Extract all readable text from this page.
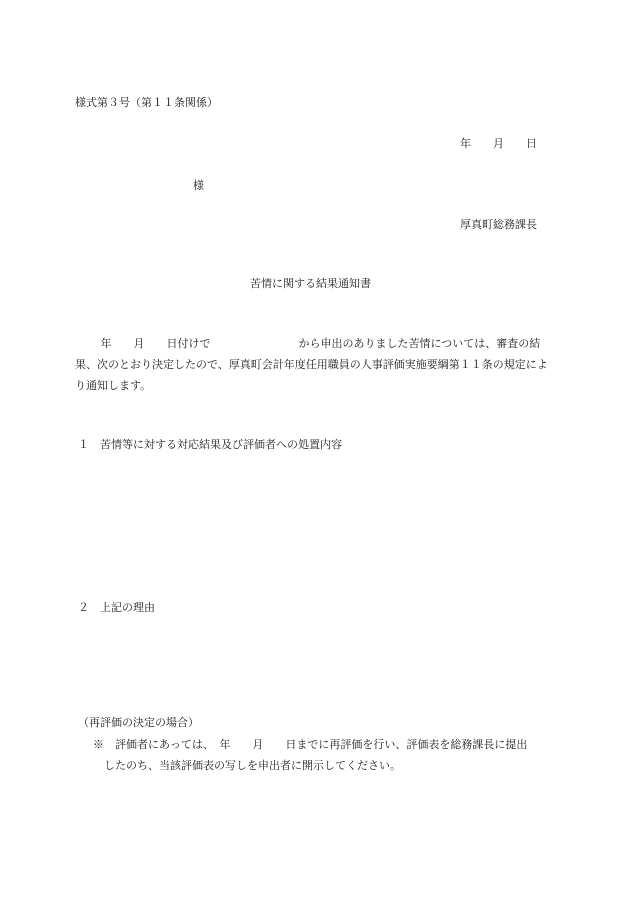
様式第３号（第１１条関係）
年　　月　　日
様
厚真町総務課長
苦情に関する結果通知書
　　 年　　月　　日付けで　　　　　　　　から申出のありました苦情については、審査の結果、次のとおり決定したので、厚真町会計年度任用職員の人事評価実施要綱第１１条の規定により通知します。
１　苦情等に対する対応結果及び評価者への処置内容
２　上記の理由
（再評価の決定の場合）
　※　評価者にあっては、　年　　月　　日までに再評価を行い、評価表を総務課長に提出
　　したのち、当該評価表の写しを申出者に開示してください。
